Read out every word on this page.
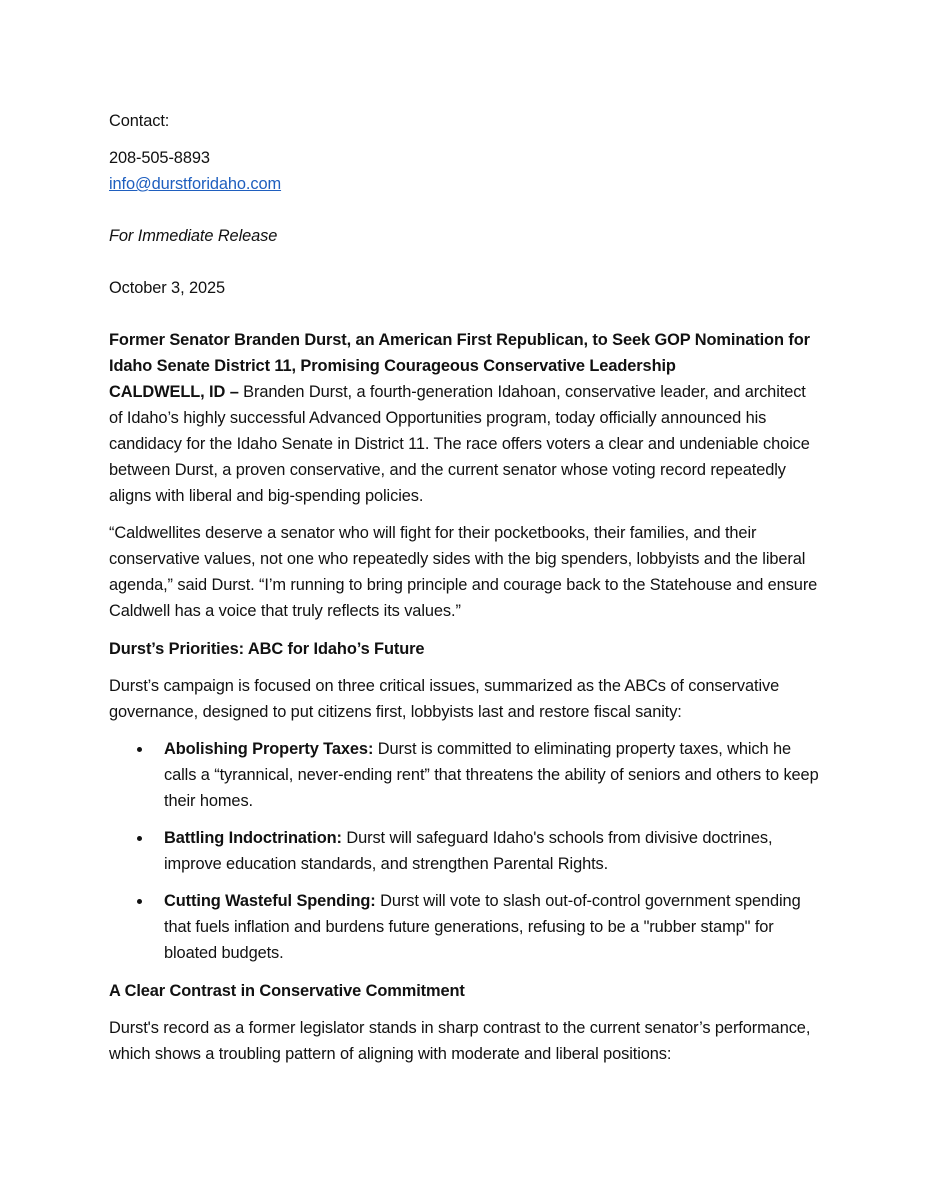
Contact:

208-505-8893

info@durstforidaho.com

For Immediate Release

October 3, 2025

Former Senator Branden Durst, an American First Republican, to Seek GOP Nomination for Idaho Senate District 11, Promising Courageous Conservative Leadership

CALDWELL, ID – Branden Durst, a fourth-generation Idahoan, conservative leader, and architect of Idaho’s highly successful Advanced Opportunities program, today officially announced his candidacy for the Idaho Senate in District 11. The race offers voters a clear and undeniable choice between Durst, a proven conservative, and the current senator whose voting record repeatedly aligns with liberal and big-spending policies.

“Caldwellites deserve a senator who will fight for their pocketbooks, their families, and their conservative values, not one who repeatedly sides with the big spenders, lobbyists and the liberal agenda,” said Durst. “I’m running to bring principle and courage back to the Statehouse and ensure Caldwell has a voice that truly reflects its values.”

Durst’s Priorities: ABC for Idaho’s Future

Durst’s campaign is focused on three critical issues, summarized as the ABCs of conservative governance, designed to put citizens first, lobbyists last and restore fiscal sanity:

Abolishing Property Taxes: Durst is committed to eliminating property taxes, which he calls a “tyrannical, never-ending rent” that threatens the ability of seniors and others to keep their homes.
Battling Indoctrination: Durst will safeguard Idaho's schools from divisive doctrines, improve education standards, and strengthen Parental Rights.
Cutting Wasteful Spending: Durst will vote to slash out-of-control government spending that fuels inflation and burdens future generations, refusing to be a "rubber stamp" for bloated budgets.

A Clear Contrast in Conservative Commitment

Durst's record as a former legislator stands in sharp contrast to the current senator’s performance, which shows a troubling pattern of aligning with moderate and liberal positions:
